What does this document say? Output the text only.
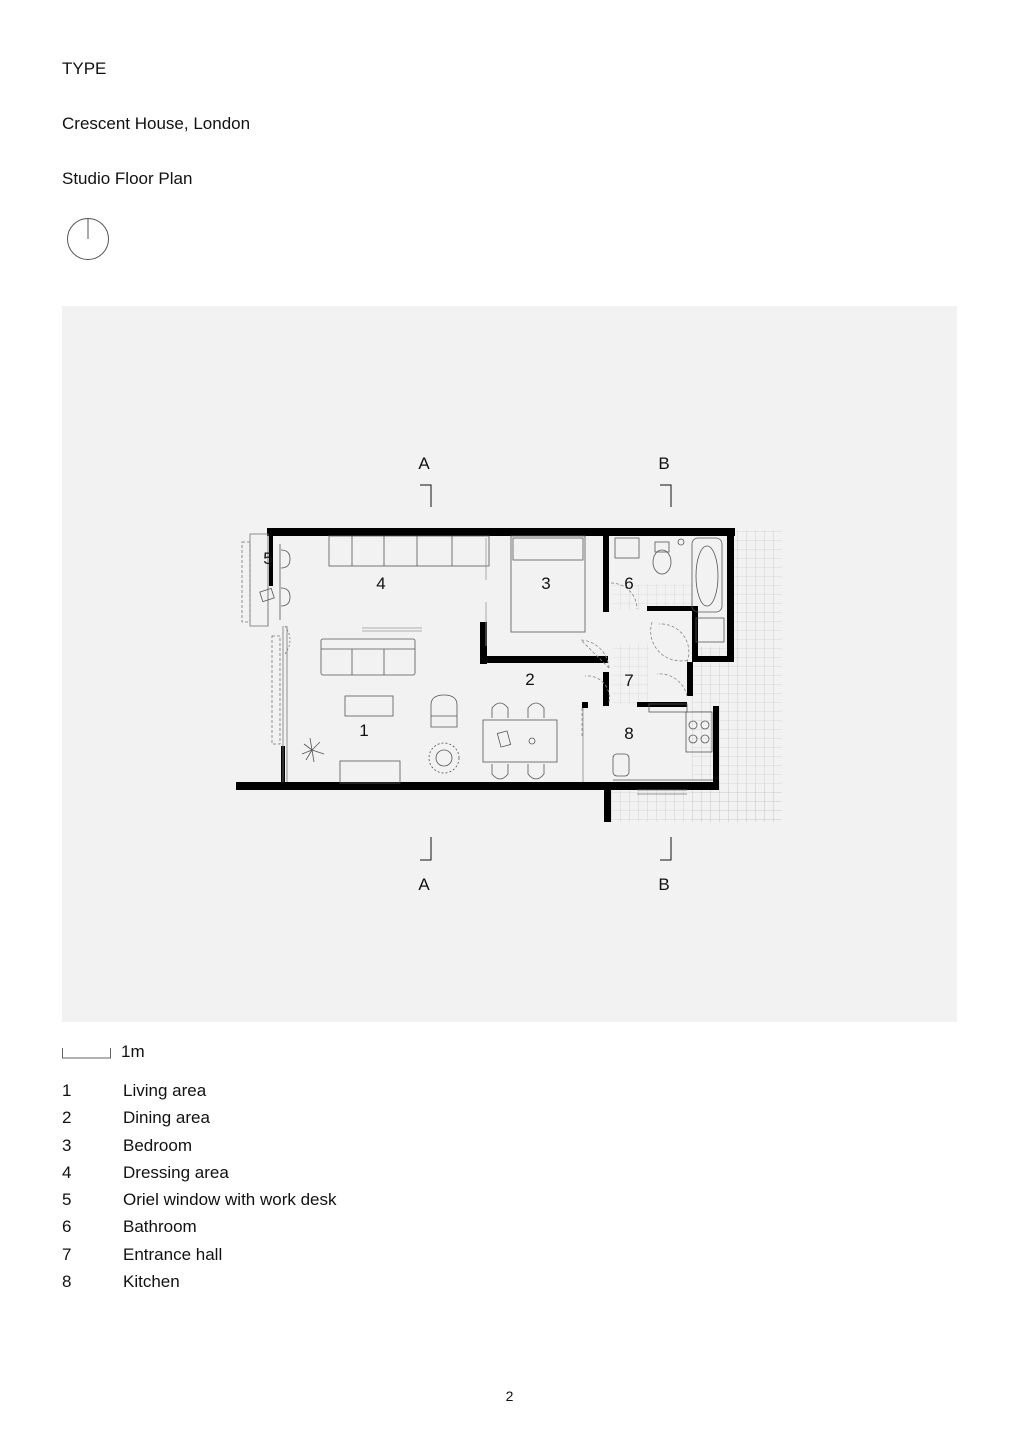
TYPE
Crescent House, London
Studio Floor Plan
A	B
A	B
1
2
3
4
5
6
7
8
1m
1	Living area
2	Dining area
3	Bedroom
4	Dressing area
5	Oriel window with work desk
6	Bathroom
7	Entrance hall
8	Kitchen
2
